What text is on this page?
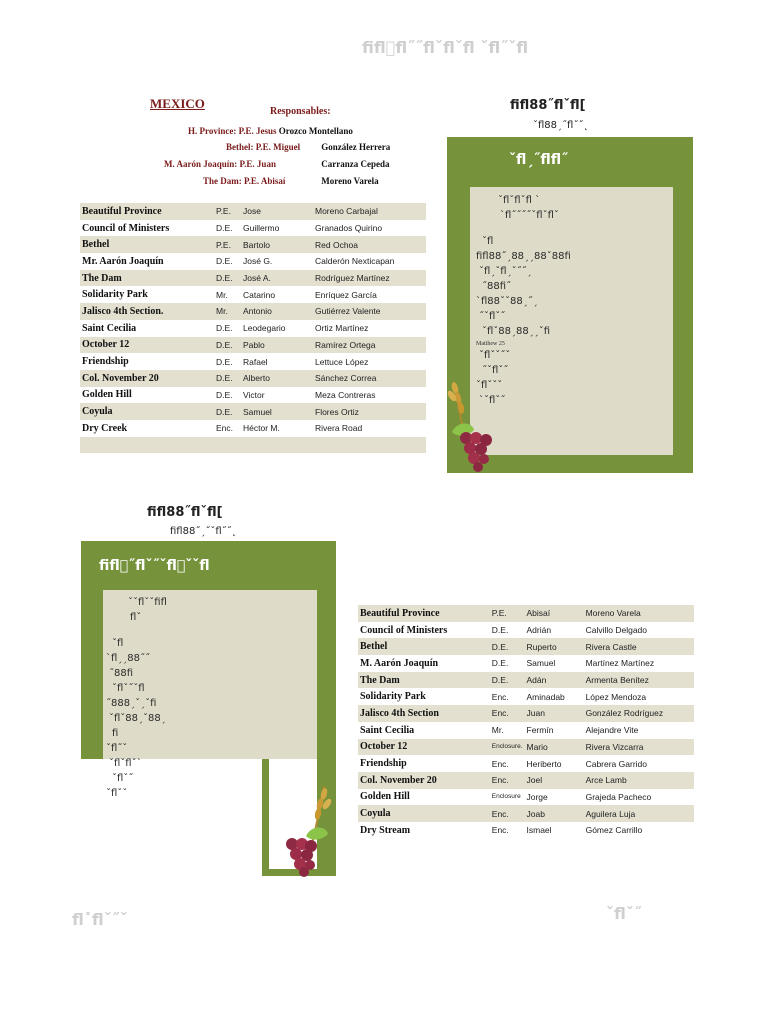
fifl fl˝˝flˇflˇfl ˇfl˝ˇfl
MEXICO
Responsables:
H. Province: P.E. Jesus Orozco Montellano
Bethel: P.E. Miguel González Herrera
M. Aarón Joaquín: P.E. Juan	Carranza Cepeda
The Dam: P.E. Abisaí	Moreno Varela
Beautiful Province	P.E.	Jose	Moreno Carbajal
Council of Ministers	D.E.	Guillermo	Granados Quirino
Bethel	P.E.	Bartolo	Red Ochoa
Mr. Aarón Joaquín	D.E.	José G.	Calderón Nexticapan
The Dam	D.E.	José A.	Rodríguez Martínez
Solidarity Park	Mr.	Catarino	Enríquez García
Jalisco 4th Section.	Mr.	Antonio	Gutiérrez Valente
Saint Cecilia	D.E.	Leodegario	Ortiz Martínez
October 12	D.E.	Pablo	Ramírez Ortega
Friendship	D.E.	Rafael	Lettuce López
Col. November 20	D.E.	Alberto	Sánchez Correa
Golden Hill	D.E.	Victor	Meza Contreras
Coyula	D.E.	Samuel	Flores Ortiz
Dry Creek	Enc.	Héctor M.	Rivera Road

fifl88˝flˇfl[
ˇfl88ˏ˝fl˝˝˛
ˇflˏ˝flfl˝
ˇflˇflˇfl ˋ
ˋfl˝˝˝˝ˇflˇflˇ
ˇfl
fifl88˝ˏ88ˏˏ88ˇ88fi
ˇflˏˇflˏˇ˝˝ˏ
˝88fi˝
ˋfl88ˇˇ88ˏ˝ˏ
˝ˇflˇ˝
ˇflˇ88ˏ88ˏˏˇfi
Matthew 25
ˇflˇˇ˝ˇ
˝ˇflˇ˝
ˇflˇˇˇ
ˋˇflˇ˝
fifl88˝flˇfl[
fifl88˝ˏ˝ˇfl˝˝˛
fifl ˝flˇ˝ˇfl ˇˇfl
ˇˇflˇˇfifl
flˇ
ˇfl
ˋflˏˏ88˝˝
˝88fi
ˇflˇ˝ˇfl
˝888ˏˇˏˇfi
ˇflˇ88ˏˇ88ˏ
fi
ˇfl˝ˇ
ˇflˇflˇˋ
ˇflˇ˝
ˇflˇˇ
Beautiful Province	P.E.	Abisaí	Moreno Varela
Council of Ministers	D.E.	Adrián	Calvillo Delgado
Bethel	D.E.	Ruperto	Rivera Castle
M. Aarón Joaquín	D.E.	Samuel	Martínez Martínez
The Dam	D.E.	Adán	Armenta Benítez
Solidarity Park	Enc.	Aminadab	López Mendoza
Jalisco 4th Section	Enc.	Juan	González Rodríguez
Saint Cecilia	Mr.	Fermín	Alejandre Vite
October 12	Enclosure.	Mario	Rivera Vizcarra
Friendship	Enc.	Heriberto	Cabrera Garrido
Col. November 20	Enc.	Joel	Arce Lamb
Golden Hill	Enclosure	Jorge	Grajeda Pacheco
Coyula	Enc.	Joab	Aguilera Luja
Dry Stream	Enc.	Ismael	Gómez Carrillo
fl˟flˇ˝ˇ	ˇflˇ˝
